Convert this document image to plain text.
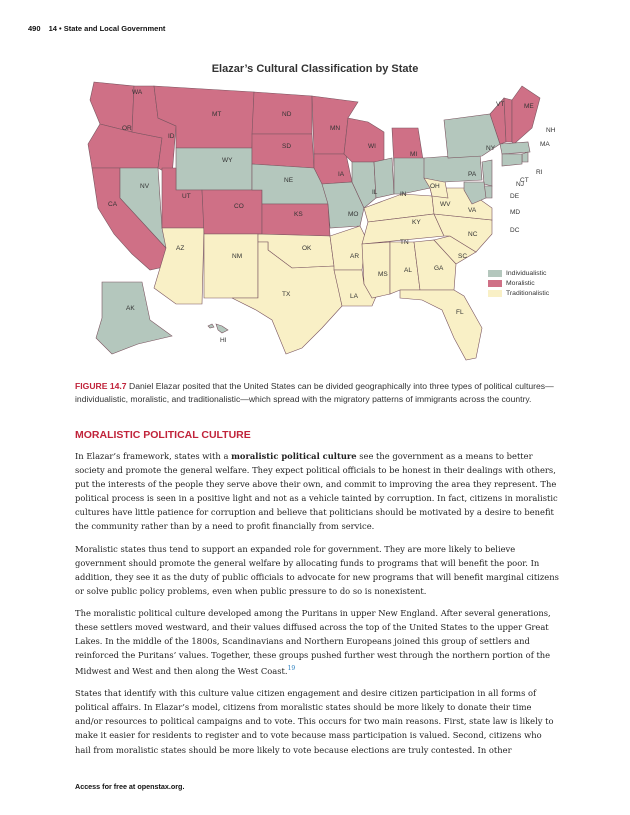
490 14 • State and Local Government
WA
OR
CA
ID
NV
MT
WY
UT
AZ
CO
NM
ND
SD
NE
KS
OK
TX
MN
IA
MO
AR
LA
WI
IL
MI
IN
OH
KY
TN
MS
AL	GA
FL
SC
NC
VA
WV
PA
NY
VT
NH
ME
MA
RI
CT
NJ
DE
MD
DC
AK
HI
Elazar’s Cultural Classification by State
Individualistic
Moralistic
Traditionalistic
FIGURE 14.7 Daniel Elazar posited that the United States can be divided geographically into three types of political cultures—individualistic, moralistic, and traditionalistic—which spread with the migratory patterns of immigrants across the country.
MORALISTIC POLITICAL CULTURE

In Elazar’s framework, states with a moralistic political culture see the government as a means to better society and promote the general welfare. They expect political officials to be honest in their dealings with others, put the interests of the people they serve above their own, and commit to improving the area they represent. The political process is seen in a positive light and not as a vehicle tainted by corruption. In fact, citizens in moralistic cultures have little patience for corruption and believe that politicians should be motivated by a desire to benefit the community rather than by a need to profit financially from service.

Moralistic states thus tend to support an expanded role for government. They are more likely to believe government should promote the general welfare by allocating funds to programs that will benefit the poor. In addition, they see it as the duty of public officials to advocate for new programs that will benefit marginal citizens or solve public policy problems, even when public pressure to do so is nonexistent.

The moralistic political culture developed among the Puritans in upper New England. After several generations, these settlers moved westward, and their values diffused across the top of the United States to the upper Great Lakes. In the middle of the 1800s, Scandinavians and Northern Europeans joined this group of settlers and reinforced the Puritans’ values. Together, these groups pushed further west through the northern portion of the Midwest and West and then along the West Coast.$^{19}$

States that identify with this culture value citizen engagement and desire citizen participation in all forms of political affairs. In Elazar’s model, citizens from moralistic states should be more likely to donate their time and/or resources to political campaigns and to vote. This occurs for two main reasons. First, state law is likely to make it easier for residents to register and to vote because mass participation is valued. Second, citizens who hail from moralistic states should be more likely to vote because elections are truly contested. In other

Access for free at openstax.org.
